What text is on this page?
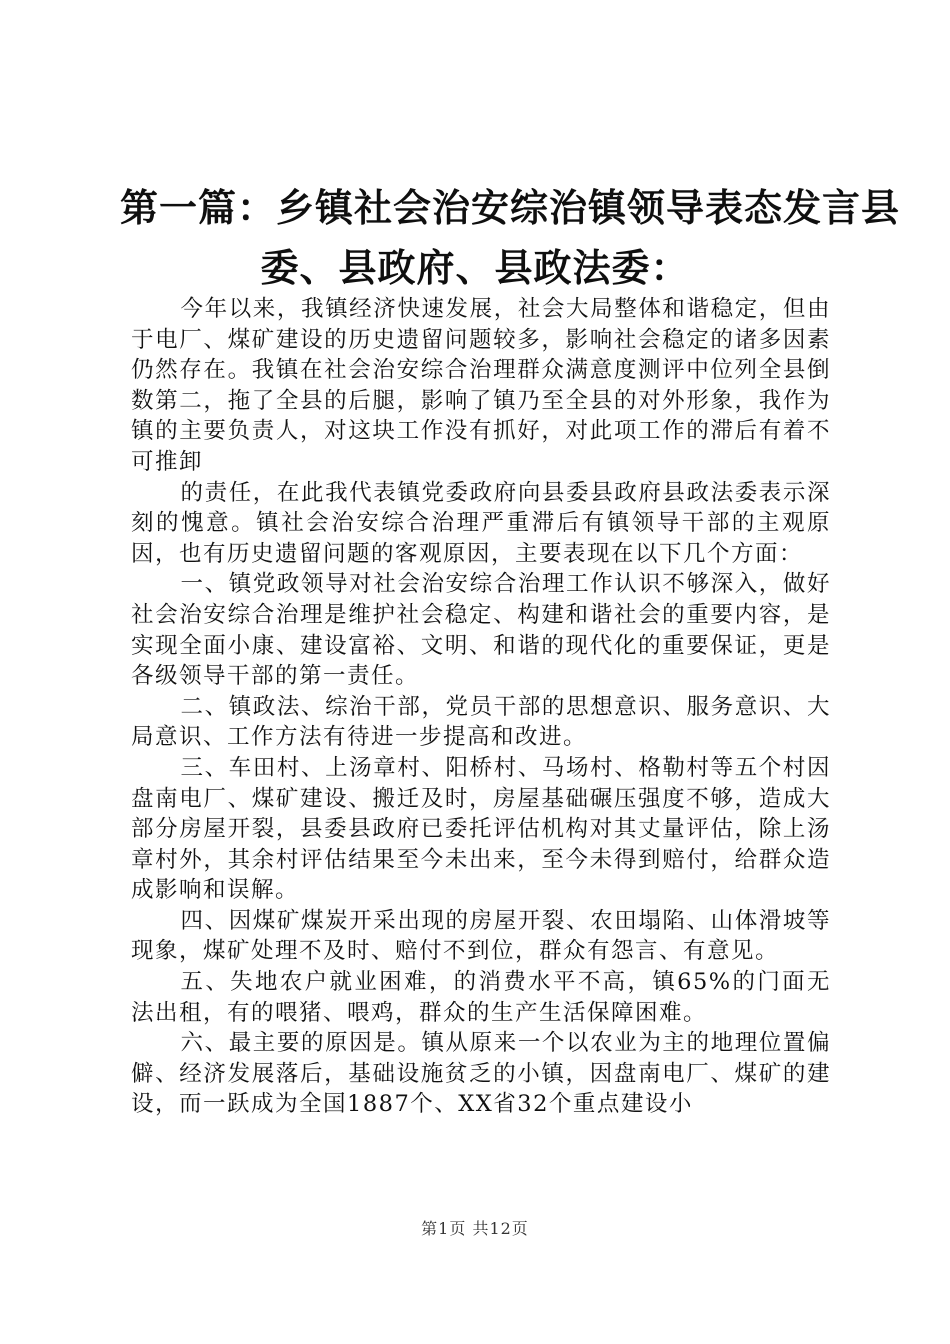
第一篇：乡镇社会治安综治镇领导表态发言县
委、县政府、县政法委：

今年以来，我镇经济快速发展，社会大局整体和谐稳定，但由于电厂、煤矿建设的历史遗留问题较多，影响社会稳定的诸多因素仍然存在。我镇在社会治安综合治理群众满意度测评中位列全县倒数第二，拖了全县的后腿，影响了镇乃至全县的对外形象，我作为镇的主要负责人，对这块工作没有抓好，对此项工作的滞后有着不可推卸

的责任，在此我代表镇党委政府向县委县政府县政法委表示深刻的愧意。镇社会治安综合治理严重滞后有镇领导干部的主观原因，也有历史遗留问题的客观原因，主要表现在以下几个方面：

一、镇党政领导对社会治安综合治理工作认识不够深入，做好社会治安综合治理是维护社会稳定、构建和谐社会的重要内容，是实现全面小康、建设富裕、文明、和谐的现代化的重要保证，更是各级领导干部的第一责任。

二、镇政法、综治干部，党员干部的思想意识、服务意识、大局意识、工作方法有待进一步提高和改进。

三、车田村、上汤章村、阳桥村、马场村、格勒村等五个村因盘南电厂、煤矿建设、搬迁及时，房屋基础碾压强度不够，造成大部分房屋开裂，县委县政府已委托评估机构对其丈量评估，除上汤章村外，其余村评估结果至今未出来，至今未得到赔付，给群众造成影响和误解。

四、因煤矿煤炭开采出现的房屋开裂、农田塌陷、山体滑坡等现象，煤矿处理不及时、赔付不到位，群众有怨言、有意见。

五、失地农户就业困难，的消费水平不高，镇65%的门面无法出租，有的喂猪、喂鸡，群众的生产生活保障困难。

六、最主要的原因是。镇从原来一个以农业为主的地理位置偏僻、经济发展落后，基础设施贫乏的小镇，因盘南电厂、煤矿的建设，而一跃成为全国1887个、XX省32个重点建设小

第1页 共12页
